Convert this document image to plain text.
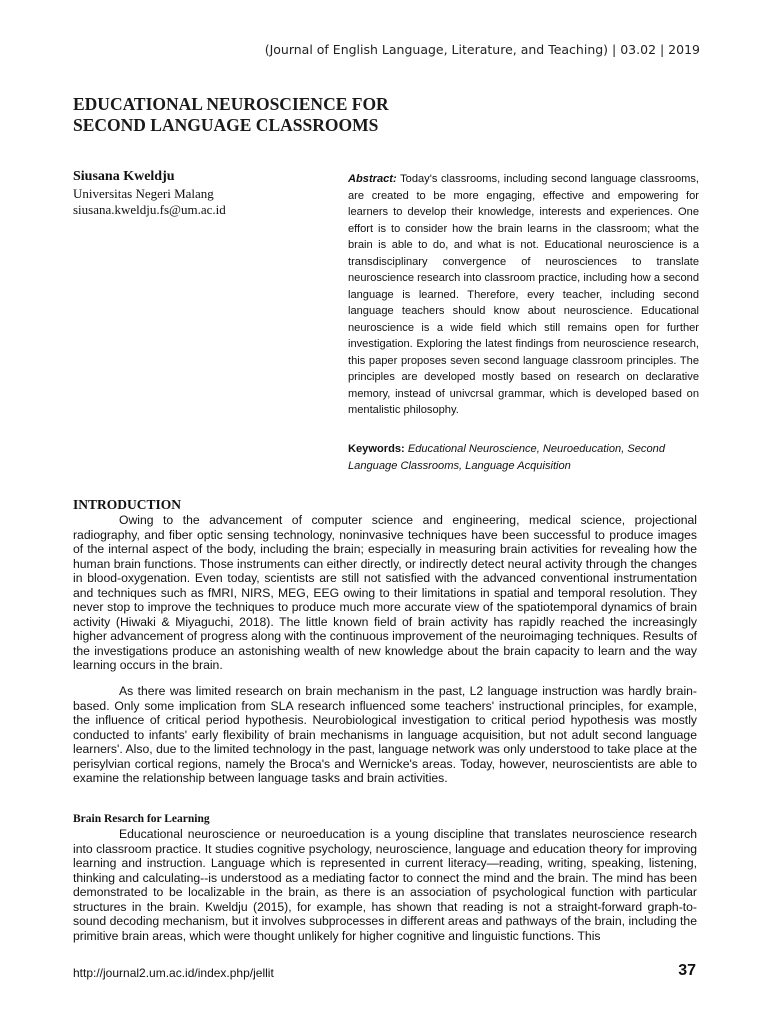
(Journal of English Language, Literature, and Teaching) | 03.02 | 2019
EDUCATIONAL NEUROSCIENCE FOR
SECOND LANGUAGE CLASSROOMS
Siusana Kweldju
Universitas Negeri Malang
siusana.kweldju.fs@um.ac.id

Abstract: Today's classrooms, including second language classrooms, are created to be more engaging, effective and empowering for learners to develop their knowledge, interests and experiences. One effort is to consider how the brain learns in the classroom; what the brain is able to do, and what is not. Educational neuroscience is a transdisciplinary convergence of neurosciences to translate neuroscience research into classroom practice, including how a second language is learned. Therefore, every teacher, including second language teachers should know about neuroscience. Educational neuroscience is a wide field which still remains open for further investigation. Exploring the latest findings from neuroscience research, this paper proposes seven second language classroom principles. The principles are developed mostly based on research on declarative memory, instead of univcrsal grammar, which is developed based on mentalistic philosophy.

Keywords: Educational Neuroscience, Neuroeducation, Second Language Classrooms, Language Acquisition

INTRODUCTION

Owing to the advancement of computer science and engineering, medical science, projectional radiography, and fiber optic sensing technology, noninvasive techniques have been successful to produce images of the internal aspect of the body, including the brain; especially in measuring brain activities for revealing how the human brain functions. Those instruments can either directly, or indirectly detect neural activity through the changes in blood-oxygenation. Even today, scientists are still not satisfied with the advanced conventional instrumentation and techniques such as fMRI, NIRS, MEG, EEG owing to their limitations in spatial and temporal resolution. They never stop to improve the techniques to produce much more accurate view of the spatiotemporal dynamics of brain activity (Hiwaki & Miyaguchi, 2018). The little known field of brain activity has rapidly reached the increasingly higher advancement of progress along with the continuous improvement of the neuroimaging techniques. Results of the investigations produce an astonishing wealth of new knowledge about the brain capacity to learn and the way learning occurs in the brain.

As there was limited research on brain mechanism in the past, L2 language instruction was hardly brain-based. Only some implication from SLA research influenced some teachers' instructional principles, for example, the influence of critical period hypothesis. Neurobiological investigation to critical period hypothesis was mostly conducted to infants' early flexibility of brain mechanisms in language acquisition, but not adult second language learners'. Also, due to the limited technology in the past, language network was only understood to take place at the perisylvian cortical regions, namely the Broca's and Wernicke's areas. Today, however, neuroscientists are able to examine the relationship between language tasks and brain activities.

Brain Resarch for Learning

Educational neuroscience or neuroeducation is a young discipline that translates neuroscience research into classroom practice. It studies cognitive psychology, neuroscience, language and education theory for improving learning and instruction. Language which is represented in current literacy—reading, writing, speaking, listening, thinking and calculating--is understood as a mediating factor to connect the mind and the brain. The mind has been demonstrated to be localizable in the brain, as there is an association of psychological function with particular structures in the brain. Kweldju (2015), for example, has shown that reading is not a straight-forward graph-to-sound decoding mechanism, but it involves subprocesses in different areas and pathways of the brain, including the primitive brain areas, which were thought unlikely for higher cognitive and linguistic functions. This

http://journal2.um.ac.id/index.php/jellit	37
